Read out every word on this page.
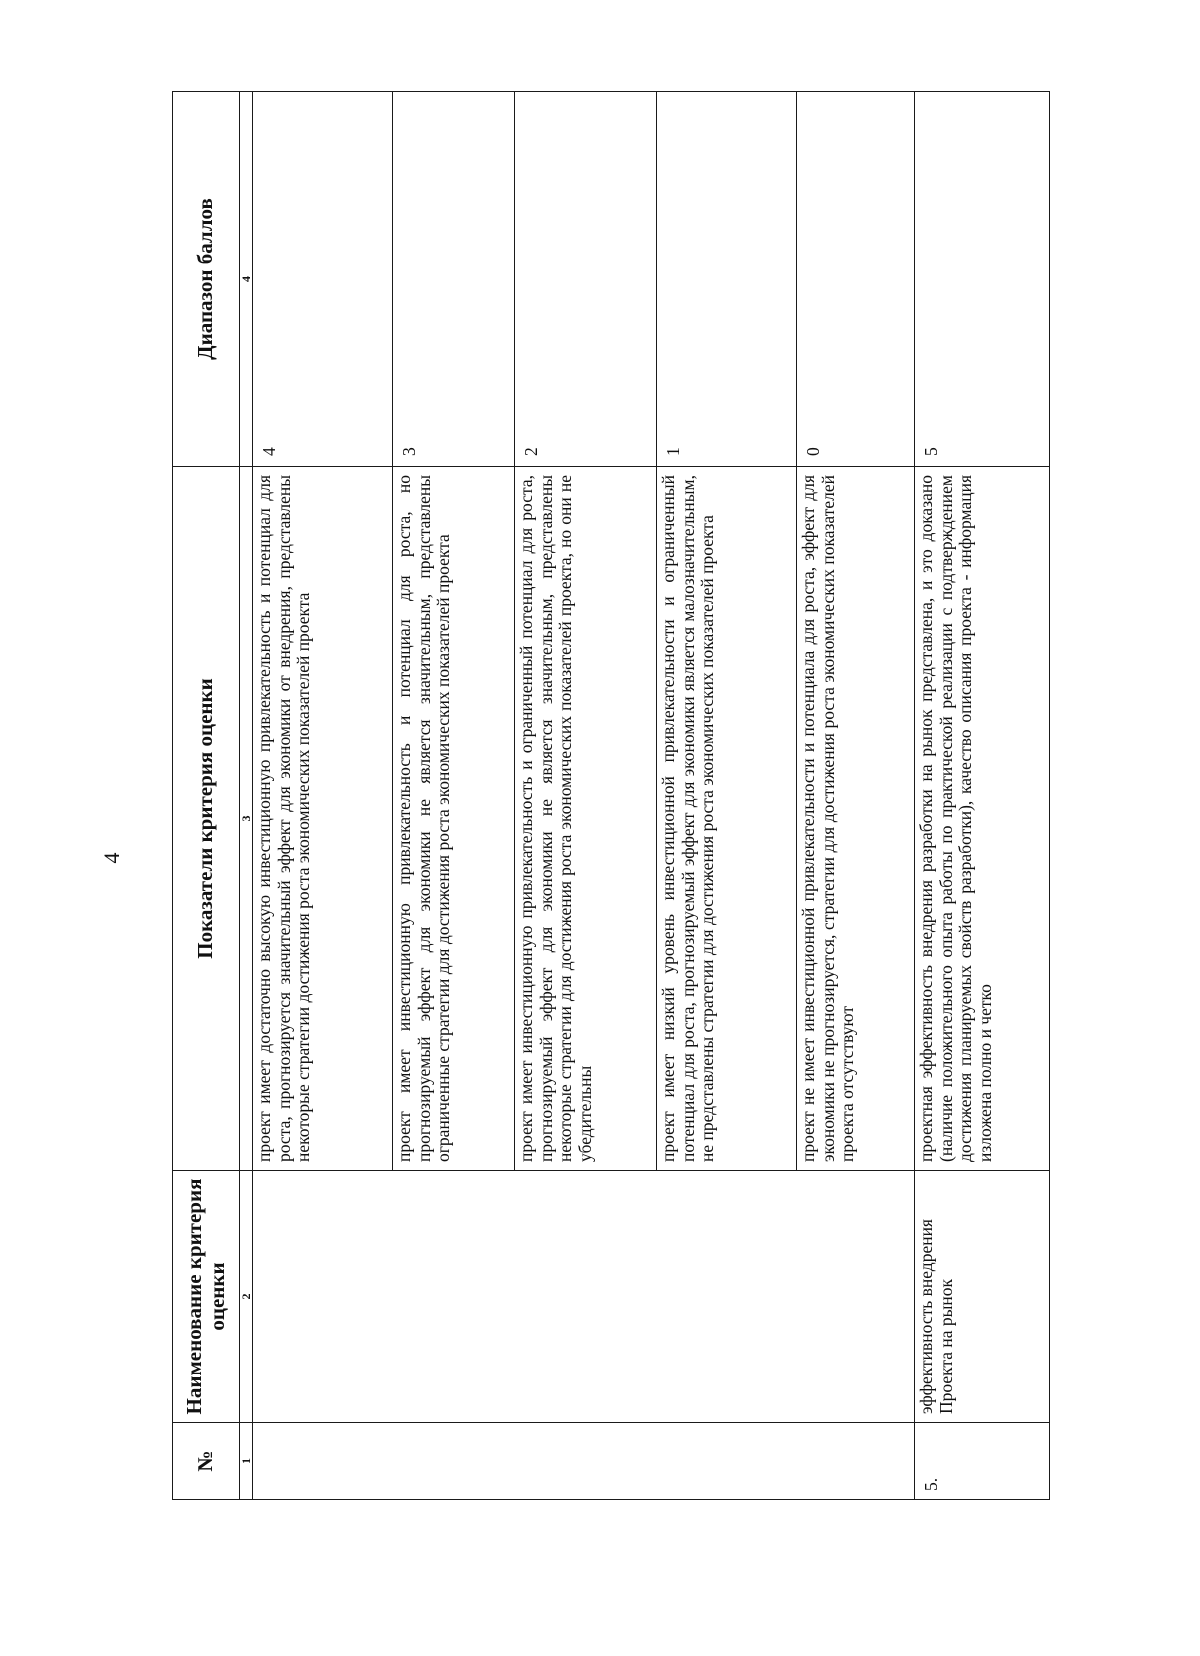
4
№	Наименование критерия оценки	Показатели критерия оценки	Диапазон баллов
1	2	3	4
		проект имеет достаточно высокую инвестиционную привлекательность и потенциал для роста, прогнозируется значительный эффект для экономики от внедрения, представлены некоторые стратегии достижения роста экономических показателей проекта	4
		проект имеет инвестиционную привлекательность и потенциал для роста, но прогнозируемый эффект для экономики не является значительным, представлены ограниченные стратегии для достижения роста экономических показателей проекта	3
		проект имеет инвестиционную привлекательность и ограниченный потенциал для роста, прогнозируемый эффект для экономики не является значительным, представлены некоторые стратегии для достижения роста экономических показателей проекта, но они не убедительны	2
		проект имеет низкий уровень инвестиционной привлекательности и ограниченный потенциал для роста, прогнозируемый эффект для экономики является малозначительным, не представлены стратегии для достижения роста экономических показателей проекта	1
		проект не имеет инвестиционной привлекательности и потенциала для роста, эффект для экономики не прогнозируется, стратегии для достижения роста экономических показателей проекта отсутствуют	0
5.	эффективность внедрения Проекта на рынок	проектная эффективность внедрения разработки на рынок представлена, и это доказано (наличие положительного опыта работы по практической реализации с подтверждением достижения планируемых свойств разработки), качество описания проекта - информация изложена полно и четко	5
